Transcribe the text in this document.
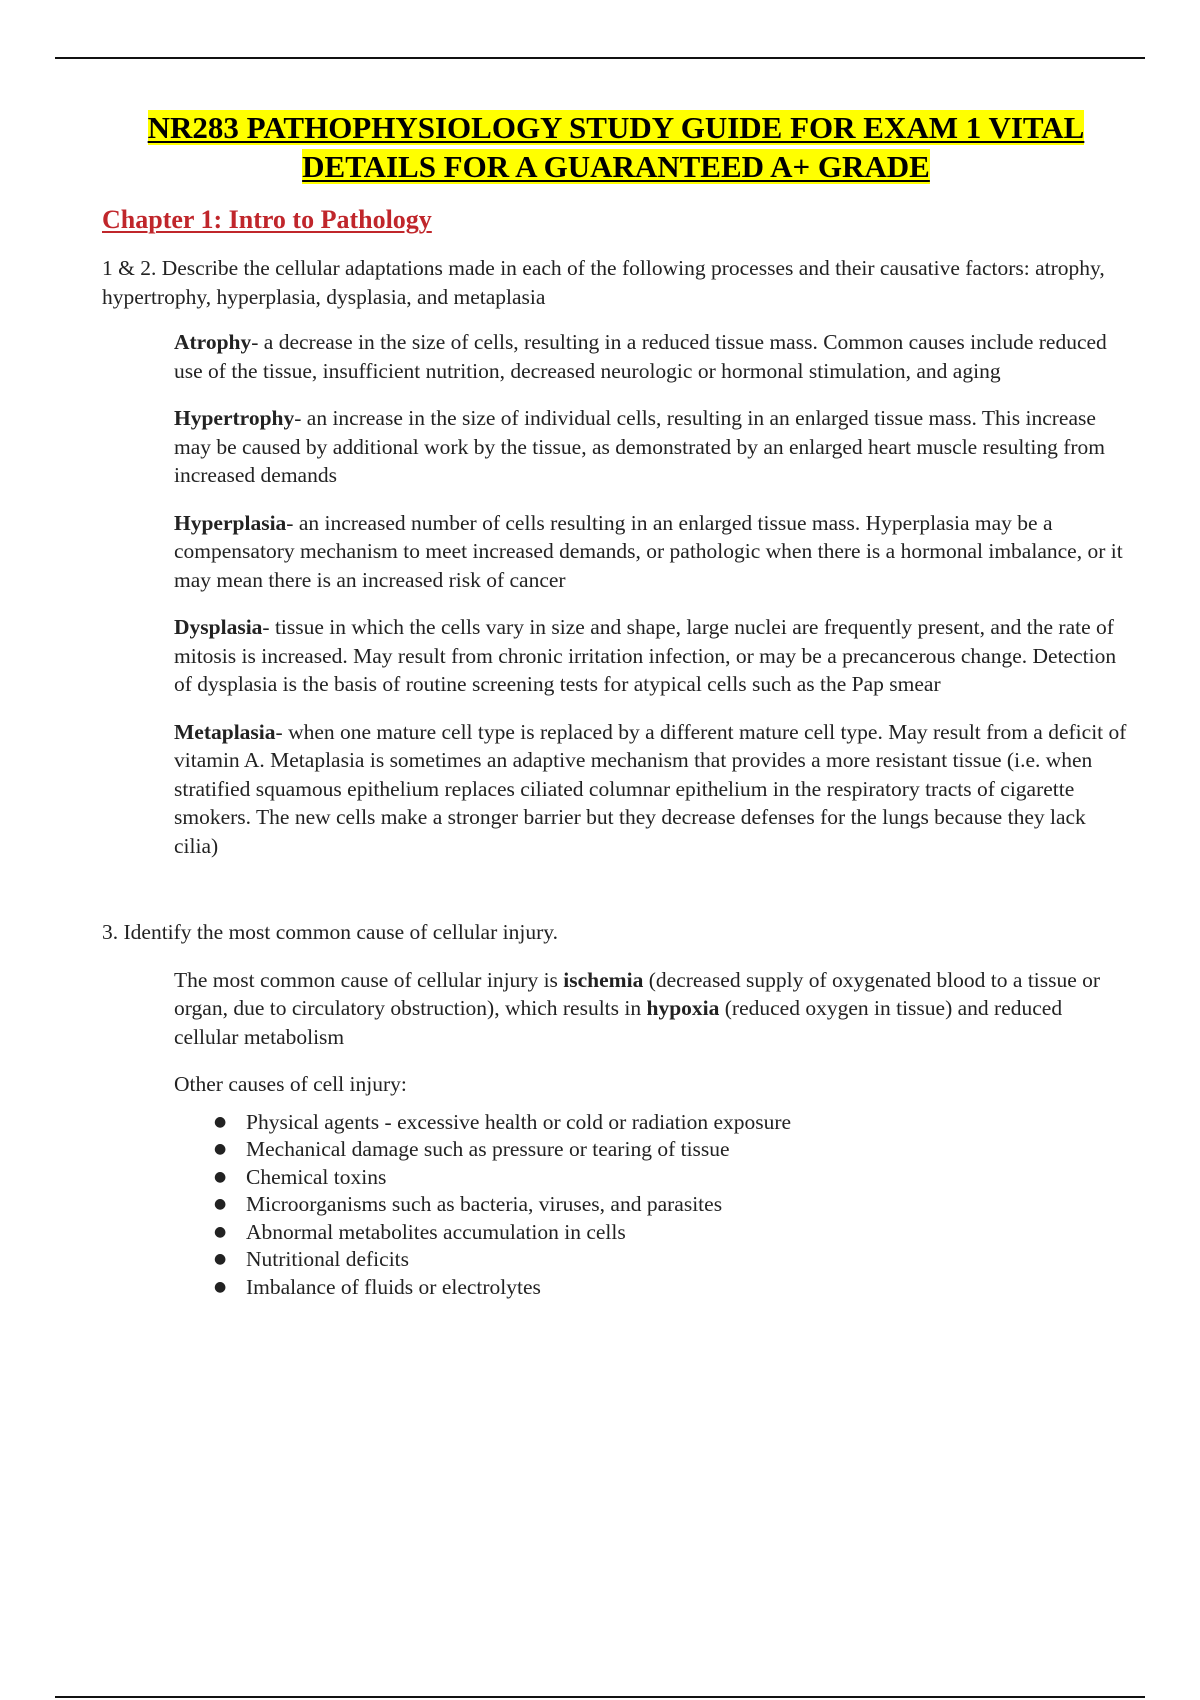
NR283 PATHOPHYSIOLOGY STUDY GUIDE FOR EXAM 1 VITAL
DETAILS FOR A GUARANTEED A+ GRADE
Chapter 1: Intro to Pathology

1 & 2. Describe the cellular adaptations made in each of the following processes and their causative factors: atrophy, hypertrophy, hyperplasia, dysplasia, and metaplasia

Atrophy- a decrease in the size of cells, resulting in a reduced tissue mass. Common causes include reduced use of the tissue, insufficient nutrition, decreased neurologic or hormonal stimulation, and aging

Hypertrophy- an increase in the size of individual cells, resulting in an enlarged tissue mass. This increase may be caused by additional work by the tissue, as demonstrated by an enlarged heart muscle resulting from increased demands

Hyperplasia- an increased number of cells resulting in an enlarged tissue mass. Hyperplasia may be a compensatory mechanism to meet increased demands, or pathologic when there is a hormonal imbalance, or it may mean there is an increased risk of cancer

Dysplasia- tissue in which the cells vary in size and shape, large nuclei are frequently present, and the rate of mitosis is increased. May result from chronic irritation infection, or may be a precancerous change. Detection of dysplasia is the basis of routine screening tests for atypical cells such as the Pap smear

Metaplasia- when one mature cell type is replaced by a different mature cell type. May result from a deficit of vitamin A. Metaplasia is sometimes an adaptive mechanism that provides a more resistant tissue (i.e. when stratified squamous epithelium replaces ciliated columnar epithelium in the respiratory tracts of cigarette smokers. The new cells make a stronger barrier but they decrease defenses for the lungs because they lack cilia)

3. Identify the most common cause of cellular injury.

The most common cause of cellular injury is ischemia (decreased supply of oxygenated blood to a tissue or organ, due to circulatory obstruction), which results in hypoxia (reduced oxygen in tissue) and reduced cellular metabolism

Other causes of cell injury:

● Physical agents - excessive health or cold or radiation exposure
● Mechanical damage such as pressure or tearing of tissue
● Chemical toxins
● Microorganisms such as bacteria, viruses, and parasites
● Abnormal metabolites accumulation in cells
● Nutritional deficits
● Imbalance of fluids or electrolytes
